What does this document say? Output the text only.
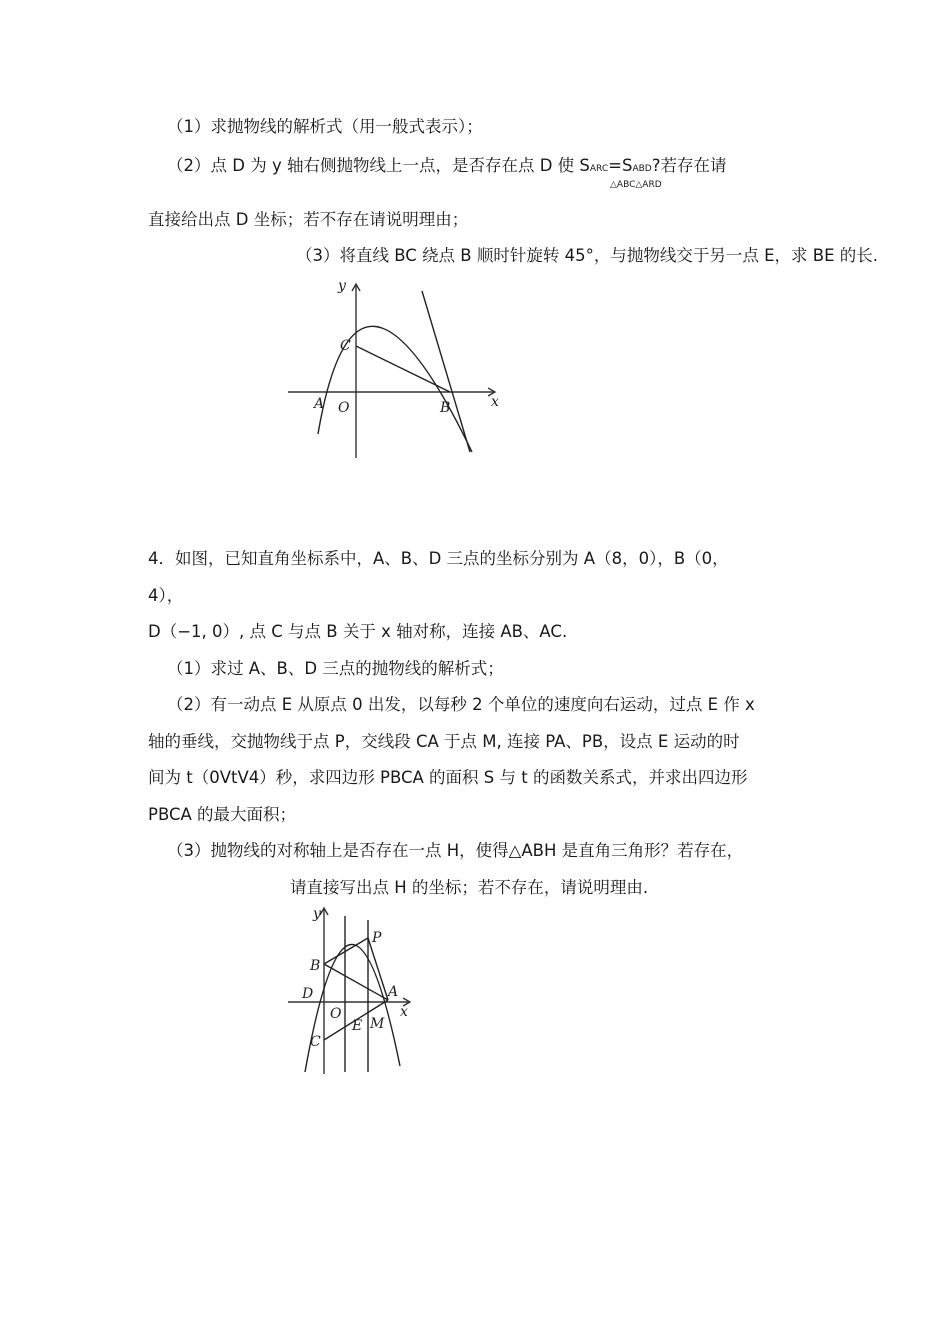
（1）求抛物线的解析式（用一般式表示）；
（2）点 D 为 y 轴右侧抛物线上一点，是否存在点 D 使 SARC=SABD?若存在请
△ABC△ARD
直接给出点 D 坐标；若不存在请说明理由；
（3）将直线 BC 绕点 B 顺时针旋转 45°，与抛物线交于另一点 E，求 BE 的长.
y
x
C
A O	B
4．如图，已知直角坐标系中，A、B、D 三点的坐标分别为 A（8，0），B（0，
4），
D（−1, 0）, 点 C 与点 B 关于 x 轴对称，连接 AB、AC.
（1）求过 A、B、D 三点的抛物线的解析式；
（2）有一动点 E 从原点 0 出发，以每秒 2 个单位的速度向右运动，过点 E 作 x
轴的垂线，交抛物线于点 P，交线段 CA 于点 M, 连接 PA、PB，设点 E 运动的时
间为 t（0VtV4）秒，求四边形 PBCA 的面积 S 与 t 的函数关系式，并求出四边形
PBCA 的最大面积；
（3）抛物线的对称轴上是否存在一点 H，使得△ABH 是直角三角形？若存在，
请直接写出点 H 的坐标；若不存在，请说明理由.
y
P
B
D	A
x
O
E M
C
